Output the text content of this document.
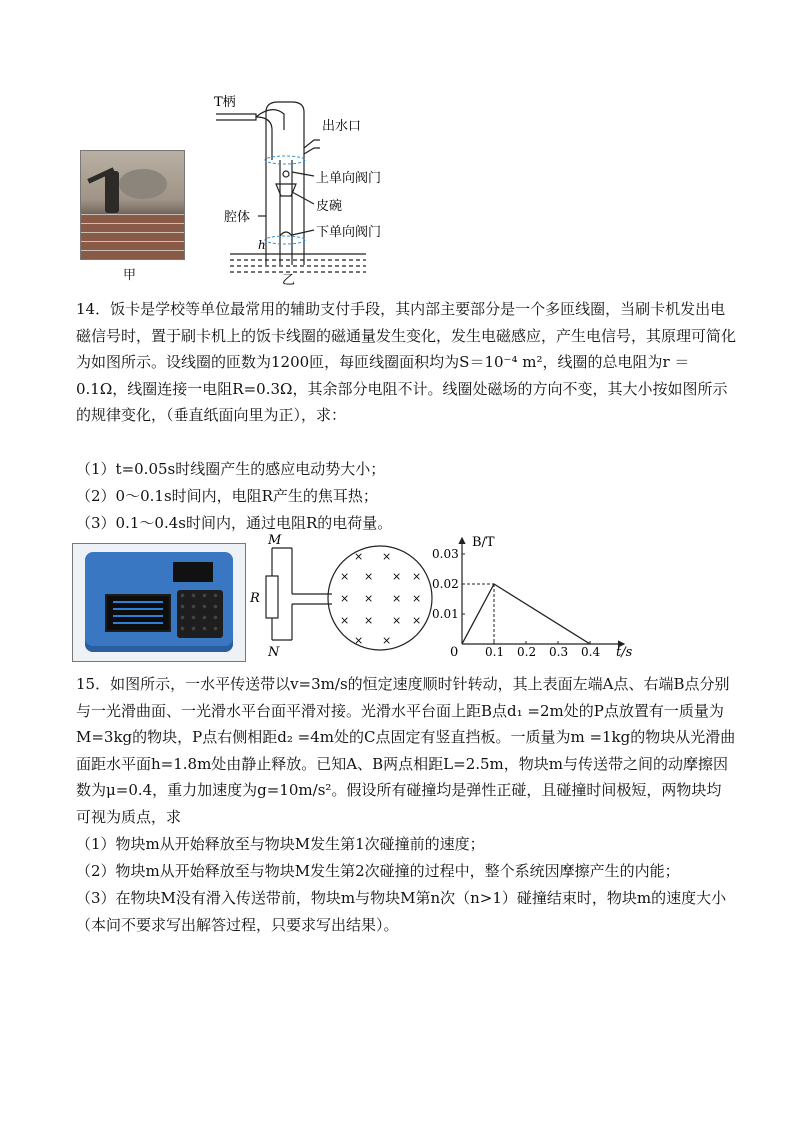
甲
T柄
出水口
上单向阀门
皮碗
腔体
下单向阀门
h
乙
14．饭卡是学校等单位最常用的辅助支付手段，其内部主要部分是一个多匝线圈，当刷卡机发出电磁信号时，置于刷卡机上的饭卡线圈的磁通量发生变化，发生电磁感应，产生电信号，其原理可简化为如图所示。设线圈的匝数为1200匝，每匝线圈面积均为S＝10⁻⁴ m²，线圈的总电阻为r ＝0.1Ω，线圈连接一电阻R=0.3Ω，其余部分电阻不计。线圈处磁场的方向不变，其大小按如图所示的规律变化，（垂直纸面向里为正），求：
（1）t=0.05s时线圈产生的感应电动势大小；
（2）0～0.1s时间内，电阻R产生的焦耳热；
（3）0.1～0.4s时间内，通过电阻R的电荷量。
× ×
× × × ×
× × × ×
× × × ×
× ×
M
N
R
0.1 0.2 0.3 0.4
0.01
0.02
0.03
B/T
t/s
0
15．如图所示，一水平传送带以v=3m/s的恒定速度顺时针转动，其上表面左端A点、右端B点分别与一光滑曲面、一光滑水平台面平滑对接。光滑水平台面上距B点d₁ =2m处的P点放置有一质量为M=3kg的物块，P点右侧相距d₂ =4m处的C点固定有竖直挡板。一质量为m =1kg的物块从光滑曲面距水平面h=1.8m处由静止释放。已知A、B两点相距L=2.5m，物块m与传送带之间的动摩擦因数为μ=0.4，重力加速度为g=10m/s²。假设所有碰撞均是弹性正碰，且碰撞时间极短，两物块均可视为质点，求
（1）物块m从开始释放至与物块M发生第1次碰撞前的速度；
（2）物块m从开始释放至与物块M发生第2次碰撞的过程中，整个系统因摩擦产生的内能；
（3）在物块M没有滑入传送带前，物块m与物块M第n次（n>1）碰撞结束时，物块m的速度大小（本问不要求写出解答过程，只要求写出结果）。
